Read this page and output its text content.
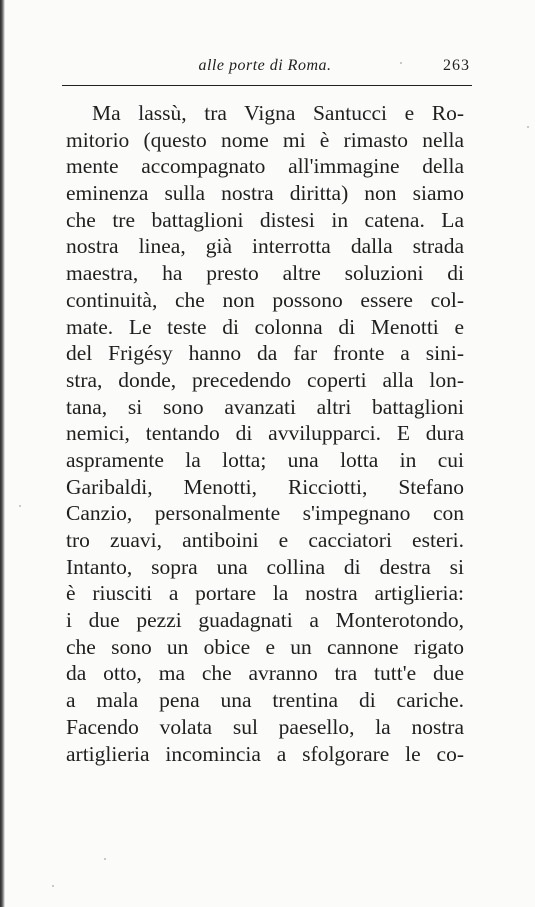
alle porte di Roma.	263
Ma lassù, tra Vigna Santucci e Ro-
mitorio (questo nome mi è rimasto nella
mente accompagnato all'immagine della
eminenza sulla nostra diritta) non siamo
che tre battaglioni distesi in catena. La
nostra linea, già interrotta dalla strada
maestra, ha presto altre soluzioni di
continuità, che non possono essere col-
mate. Le teste di colonna di Menotti e
del Frigésy hanno da far fronte a sini-
stra, donde, precedendo coperti alla lon-
tana, si sono avanzati altri battaglioni
nemici, tentando di avvilupparci. E dura
aspramente la lotta; una lotta in cui
Garibaldi, Menotti, Ricciotti, Stefano
Canzio, personalmente s'impegnano con
tro zuavi, antiboini e cacciatori esteri.
Intanto, sopra una collina di destra si
è riusciti a portare la nostra artiglieria:
i due pezzi guadagnati a Monterotondo,
che sono un obice e un cannone rigato
da otto, ma che avranno tra tutt'e due
a mala pena una trentina di cariche.
Facendo volata sul paesello, la nostra
artiglieria incomincia a sfolgorare le co-
